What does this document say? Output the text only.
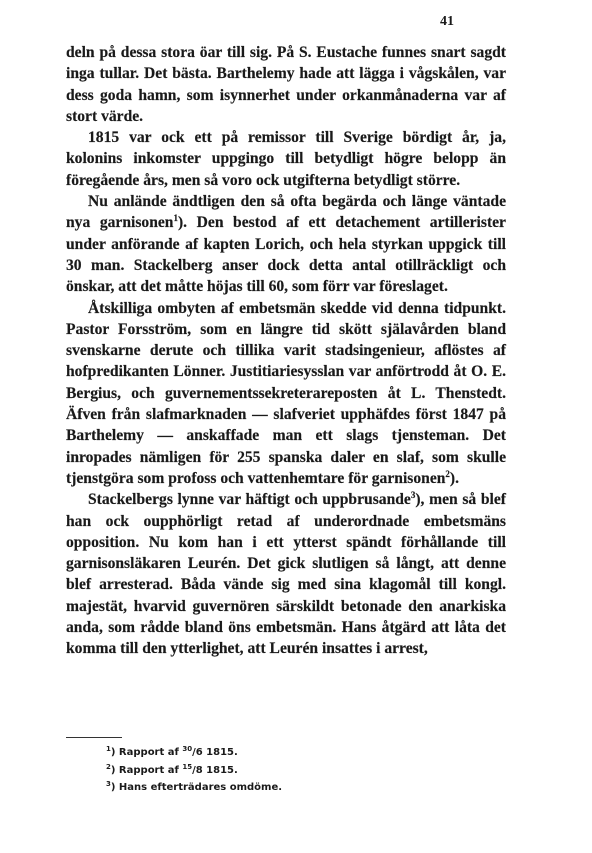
41

deln på dessa stora öar till sig. På S. Eustache funnes snart sagdt inga tullar. Det bästa. Barthelemy hade att lägga i vågskålen, var dess goda hamn, som isynnerhet under orkanmånaderna var af stort värde.

1815 var ock ett på remissor till Sverige bördigt år, ja, kolonins inkomster uppgingo till betydligt högre belopp än föregående års, men så voro ock utgifterna betydligt större.

Nu anlände ändtligen den så ofta begärda och länge väntade nya garnisonen$^1$). Den bestod af ett detachement artillerister under anförande af kapten Lorich, och hela styrkan uppgick till 30 man. Stackelberg anser dock detta antal otillräckligt och önskar, att det måtte höjas till 60, som förr var föreslaget.

Åtskilliga ombyten af embetsmän skedde vid denna tidpunkt. Pastor Forsström, som en längre tid skött själavården bland svenskarne derute och tillika varit stadsingenieur, aflöstes af hofpredikanten Lönner. Justitiariesysslan var anförtrodd åt O. E. Bergius, och guvernementssekreterareposten åt L. Thenstedt. Äfven från slafmarknaden — slafveriet upphäfdes först 1847 på Barthelemy — anskaffade man ett slags tjensteman. Det inropades nämligen för 255 spanska daler en slaf, som skulle tjenstgöra som profoss och vattenhemtare för garnisonen$^2$).

Stackelbergs lynne var häftigt och uppbrusande$^3$), men så blef han ock oupphörligt retad af underordnade embetsmäns opposition. Nu kom han i ett ytterst spändt förhållande till garnisonsläkaren Leurén. Det gick slutligen så långt, att denne blef arresterad. Båda vände sig med sina klagomål till kongl. majestät, hvarvid guvernören särskildt betonade den anarkiska anda, som rådde bland öns embetsmän. Hans åtgärd att låta det komma till den ytterlighet, att Leurén insattes i arrest,

$^1$) Rapport af $^{30}$/6 1815.
$^2$) Rapport af $^{15}$/8 1815.
$^3$) Hans efterträdares omdöme.
